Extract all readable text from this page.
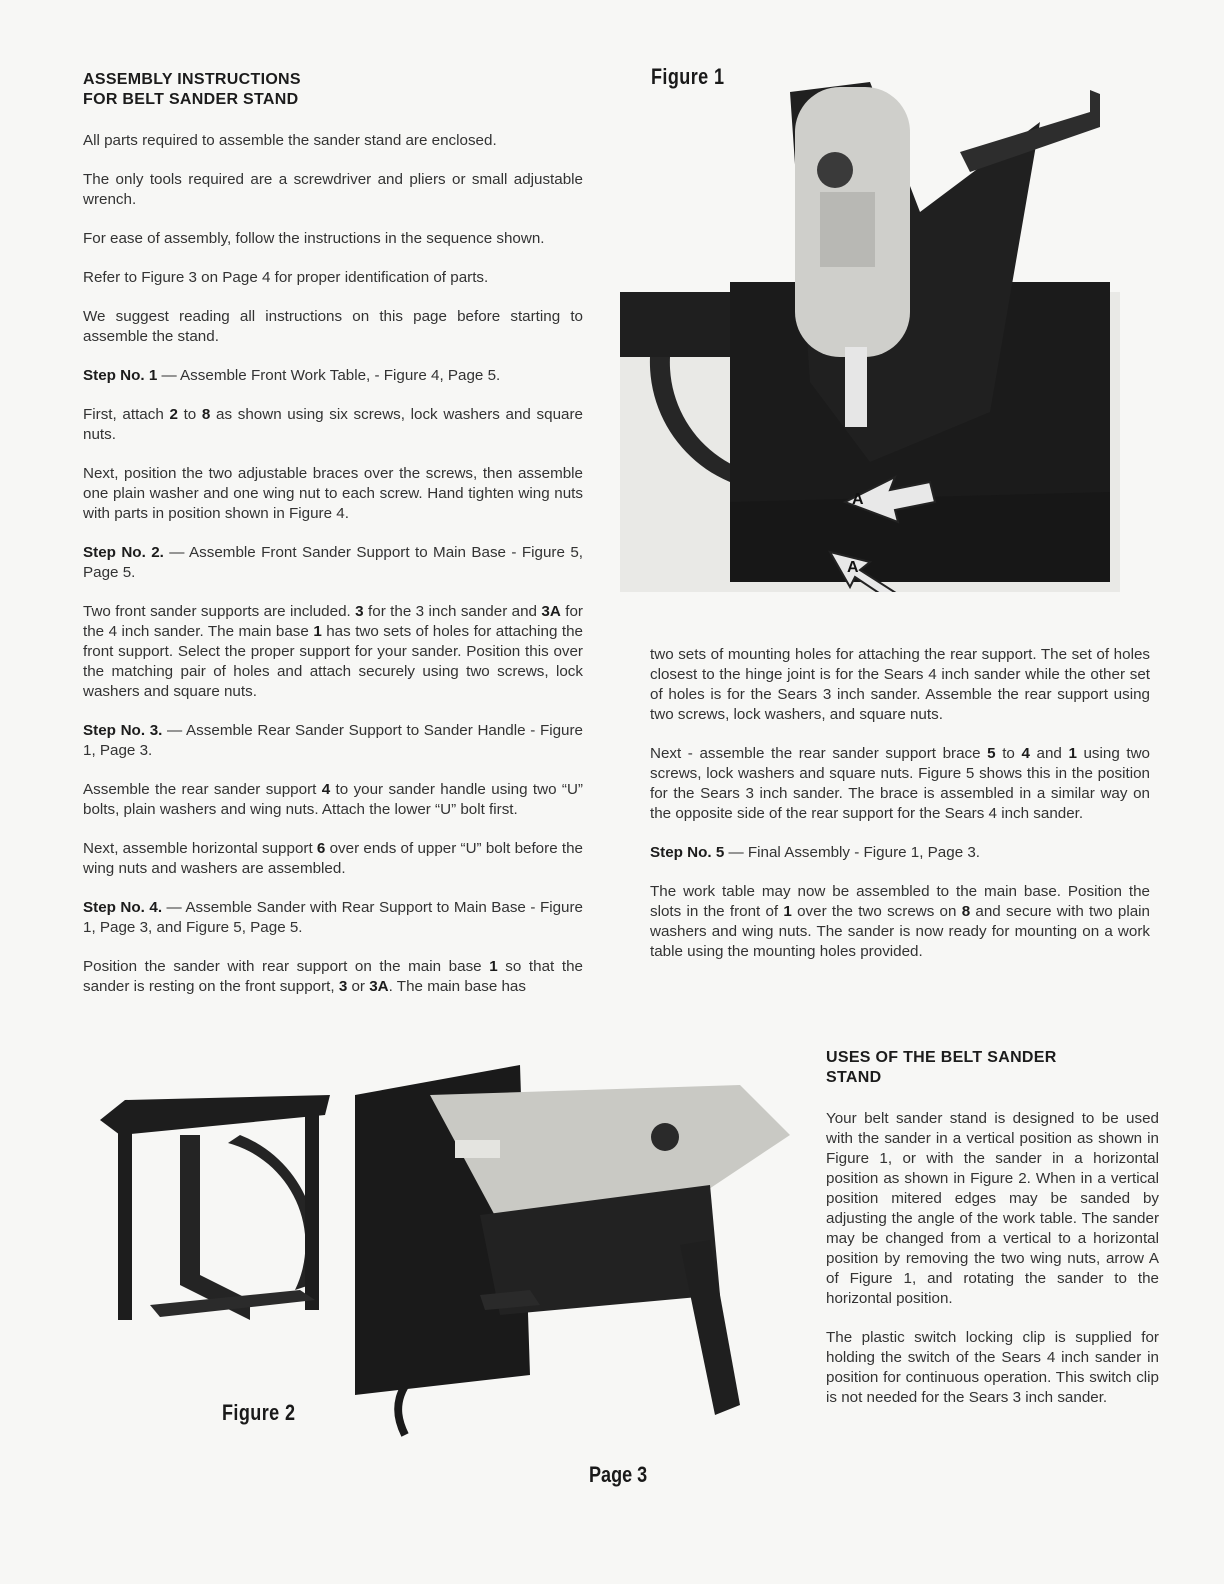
ASSEMBLY INSTRUCTIONS
FOR BELT SANDER STAND

All parts required to assemble the sander stand are enclosed.

The only tools required are a screwdriver and pliers or small adjustable wrench.

For ease of assembly, follow the instructions in the sequence shown.

Refer to Figure 3 on Page 4 for proper identification of parts.

We suggest reading all instructions on this page before starting to assemble the stand.

Step No. 1 — Assemble Front Work Table, - Figure 4, Page 5.

First, attach 2 to 8 as shown using six screws, lock washers and square nuts.

Next, position the two adjustable braces over the screws, then assemble one plain washer and one wing nut to each screw. Hand tighten wing nuts with parts in position shown in Figure 4.

Step No. 2. — Assemble Front Sander Support to Main Base - Figure 5, Page 5.

Two front sander supports are included. 3 for the 3 inch sander and 3A for the 4 inch sander. The main base 1 has two sets of holes for attaching the front support. Select the proper support for your sander. Position this over the matching pair of holes and attach securely using two screws, lock washers and square nuts.

Step No. 3. — Assemble Rear Sander Support to Sander Handle - Figure 1, Page 3.

Assemble the rear sander support 4 to your sander handle using two “U” bolts, plain washers and wing nuts. Attach the lower “U” bolt first.

Next, assemble horizontal support 6 over ends of upper “U” bolt before the wing nuts and washers are assembled.

Step No. 4. — Assemble Sander with Rear Support to Main Base - Figure 1, Page 3, and Figure 5, Page 5.

Position the sander with rear support on the main base 1 so that the sander is resting on the front support, 3 or 3A. The main base has

Figure 1
A
A

two sets of mounting holes for attaching the rear support. The set of holes closest to the hinge joint is for the Sears 4 inch sander while the other set of holes is for the Sears 3 inch sander. Assemble the rear support using two screws, lock washers, and square nuts.

Next - assemble the rear sander support brace 5 to 4 and 1 using two screws, lock washers and square nuts. Figure 5 shows this in the position for the Sears 3 inch sander. The brace is assembled in a similar way on the opposite side of the rear support for the Sears 4 inch sander.

Step No. 5 — Final Assembly - Figure 1, Page 3.

The work table may now be assembled to the main base. Position the slots in the front of 1 over the two screws on 8 and secure with two plain washers and wing nuts. The sander is now ready for mounting on a work table using the mounting holes provided.

Figure 2
USES OF THE BELT SANDER
STAND

Your belt sander stand is designed to be used with the sander in a vertical position as shown in Figure 1, or with the sander in a horizontal position as shown in Figure 2. When in a vertical position mitered edges may be sanded by adjusting the angle of the work table. The sander may be changed from a vertical to a horizontal position by removing the two wing nuts, arrow A of Figure 1, and rotating the sander to the horizontal position.

The plastic switch locking clip is supplied for holding the switch of the Sears 4 inch sander in position for continuous operation. This switch clip is not needed for the Sears 3 inch sander.

Page 3
